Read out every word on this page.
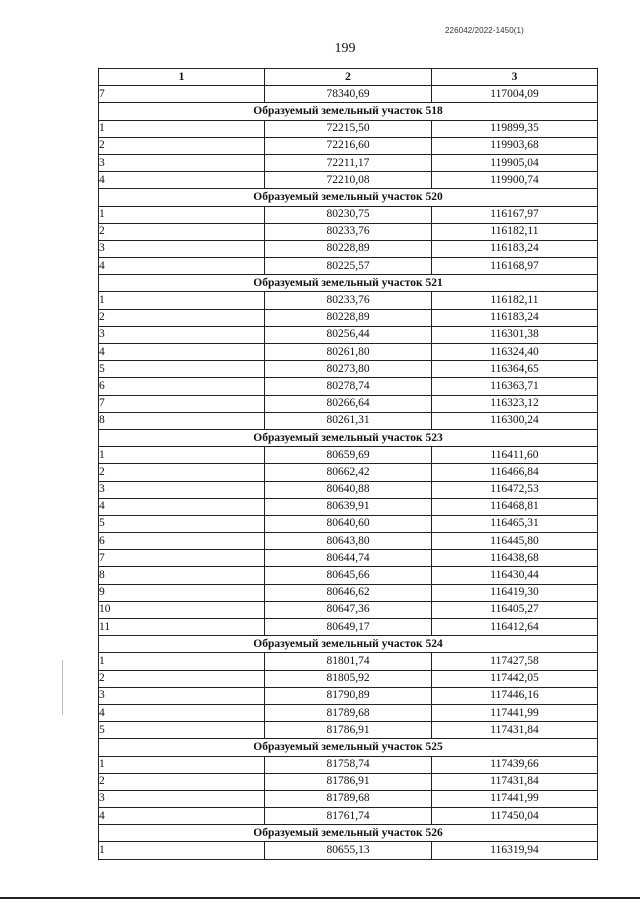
226042/2022-1450(1)
199
1	2	3
7	78340,69	117004,09
Образуемый земельный участок 518		
1	72215,50	119899,35
2	72216,60	119903,68
3	72211,17	119905,04
4	72210,08	119900,74
Образуемый земельный участок 520		
1	80230,75	116167,97
2	80233,76	116182,11
3	80228,89	116183,24
4	80225,57	116168,97
Образуемый земельный участок 521		
1	80233,76	116182,11
2	80228,89	116183,24
3	80256,44	116301,38
4	80261,80	116324,40
5	80273,80	116364,65
6	80278,74	116363,71
7	80266,64	116323,12
8	80261,31	116300,24
Образуемый земельный участок 523		
1	80659,69	116411,60
2	80662,42	116466,84
3	80640,88	116472,53
4	80639,91	116468,81
5	80640,60	116465,31
6	80643,80	116445,80
7	80644,74	116438,68
8	80645,66	116430,44
9	80646,62	116419,30
10	80647,36	116405,27
11	80649,17	116412,64
Образуемый земельный участок 524		
1	81801,74	117427,58
2	81805,92	117442,05
3	81790,89	117446,16
4	81789,68	117441,99
5	81786,91	117431,84
Образуемый земельный участок 525		
1	81758,74	117439,66
2	81786,91	117431,84
3	81789,68	117441,99
4	81761,74	117450,04
Образуемый земельный участок 526		
1	80655,13	116319,94
